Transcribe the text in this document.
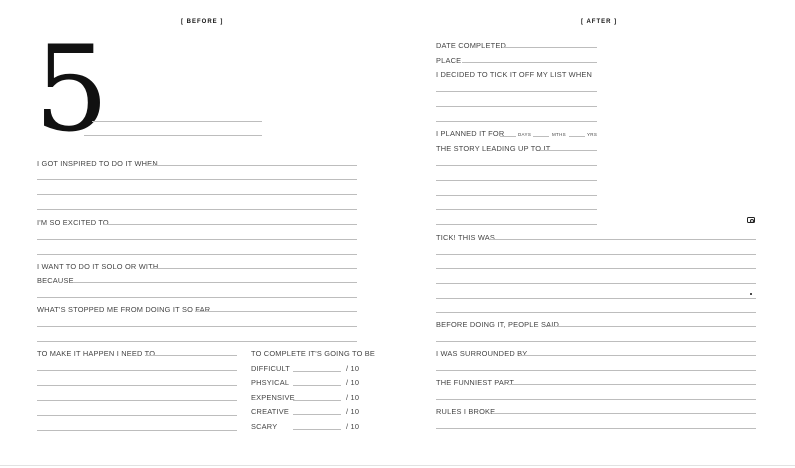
[ BEFORE ]
5
I GOT INSPIRED TO DO IT WHEN
I'M SO EXCITED TO
I WANT TO DO IT SOLO OR WITH
BECAUSE
WHAT'S STOPPED ME FROM DOING IT SO FAR
TO MAKE IT HAPPEN I NEED TO	TO COMPLETE IT'S GOING TO BE
DIFFICULT	/ 10
PHSYICAL	/ 10
EXPENSIVE	/ 10
CREATIVE	/ 10
SCARY	/ 10
[ AFTER ]
DATE COMPLETED
PLACE
I DECIDED TO TICK IT OFF MY LIST WHEN
I PLANNED IT FOR	DAYS	MTHS	YRS
THE STORY LEADING UP TO IT
TICK! THIS WAS
BEFORE DOING IT, PEOPLE SAID
I WAS SURROUNDED BY
THE FUNNIEST PART
RULES I BROKE
